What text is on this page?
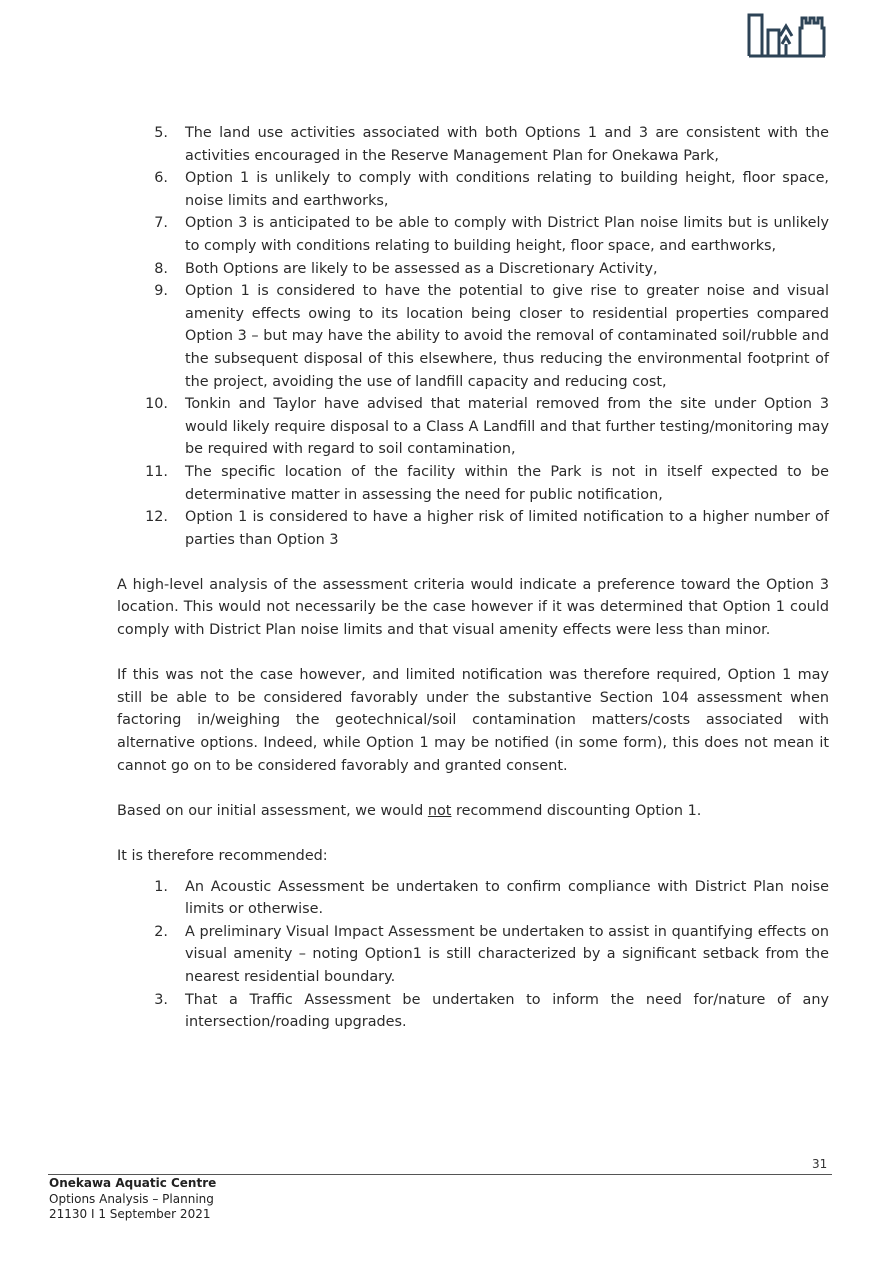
The land use activities associated with both Options 1 and 3 are consistent with the activities encouraged in the Reserve Management Plan for Onekawa Park,
Option 1 is unlikely to comply with conditions relating to building height, floor space, noise limits and earthworks,
Option 3 is anticipated to be able to comply with District Plan noise limits but is unlikely to comply with conditions relating to building height, floor space, and earthworks,
Both Options are likely to be assessed as a Discretionary Activity,
Option 1 is considered to have the potential to give rise to greater noise and visual amenity effects owing to its location being closer to residential properties compared Option 3 – but may have the ability to avoid the removal of contaminated soil/rubble and the subsequent disposal of this elsewhere, thus reducing the environmental footprint of the project, avoiding the use of landfill capacity and reducing cost,
Tonkin and Taylor have advised that material removed from the site under Option 3 would likely require disposal to a Class A Landfill and that further testing/monitoring may be required with regard to soil contamination,
The specific location of the facility within the Park is not in itself expected to be determinative matter in assessing the need for public notification,
Option 1 is considered to have a higher risk of limited notification to a higher number of parties than Option 3

A high-level analysis of the assessment criteria would indicate a preference toward the Option 3 location. This would not necessarily be the case however if it was determined that Option 1 could comply with District Plan noise limits and that visual amenity effects were less than minor.

If this was not the case however, and limited notification was therefore required, Option 1 may still be able to be considered favorably under the substantive Section 104 assessment when factoring in/weighing the geotechnical/soil contamination matters/costs associated with alternative options. Indeed, while Option 1 may be notified (in some form), this does not mean it cannot go on to be considered favorably and granted consent.

Based on our initial assessment, we would not recommend discounting Option 1.

It is therefore recommended:

An Acoustic Assessment be undertaken to confirm compliance with District Plan noise limits or otherwise.
A preliminary Visual Impact Assessment be undertaken to assist in quantifying effects on visual amenity – noting Option1 is still characterized by a significant setback from the nearest residential boundary.
That a Traffic Assessment be undertaken to inform the need for/nature of any intersection/roading upgrades.
31
Onekawa Aquatic Centre
Options Analysis – Planning
21130 I 1 September 2021
